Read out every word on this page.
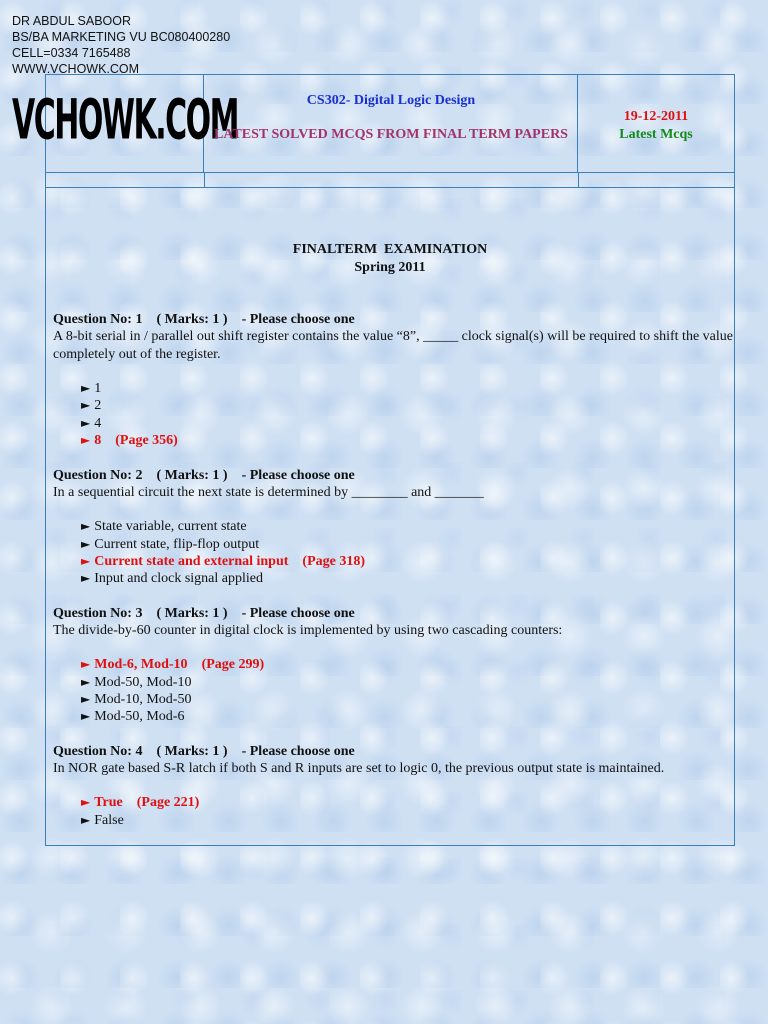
DR ABDUL SABOOR
BS/BA MARKETING VU BC080400280
CELL=0334 7165488
WWW.VCHOWK.COM
VCHOWK.COM	CS302- Digital Logic Design
LATEST SOLVED MCQS FROM FINAL TERM PAPERS
19-12-2011
Latest Mcqs
FINALTERM  EXAMINATION
Spring 2011
Question No: 1    ( Marks: 1 )    - Please choose one
A 8-bit serial in / parallel out shift register contains the value “8”, _____ clock signal(s) will be required to shift the value completely out of the register.
► 1
► 2
► 4
► 8 (Page 356)
Question No: 2    ( Marks: 1 )    - Please choose one
In a sequential circuit the next state is determined by ________ and _______
► State variable, current state
► Current state, flip-flop output
► Current state and external input (Page 318)
► Input and clock signal applied
Question No: 3    ( Marks: 1 )    - Please choose one
The divide-by-60 counter in digital clock is implemented by using two cascading counters:
► Mod-6, Mod-10 (Page 299)
► Mod-50, Mod-10
► Mod-10, Mod-50
► Mod-50, Mod-6
Question No: 4    ( Marks: 1 )    - Please choose one
In NOR gate based S-R latch if both S and R inputs are set to logic 0, the previous output state is maintained.
► True (Page 221)
► False
